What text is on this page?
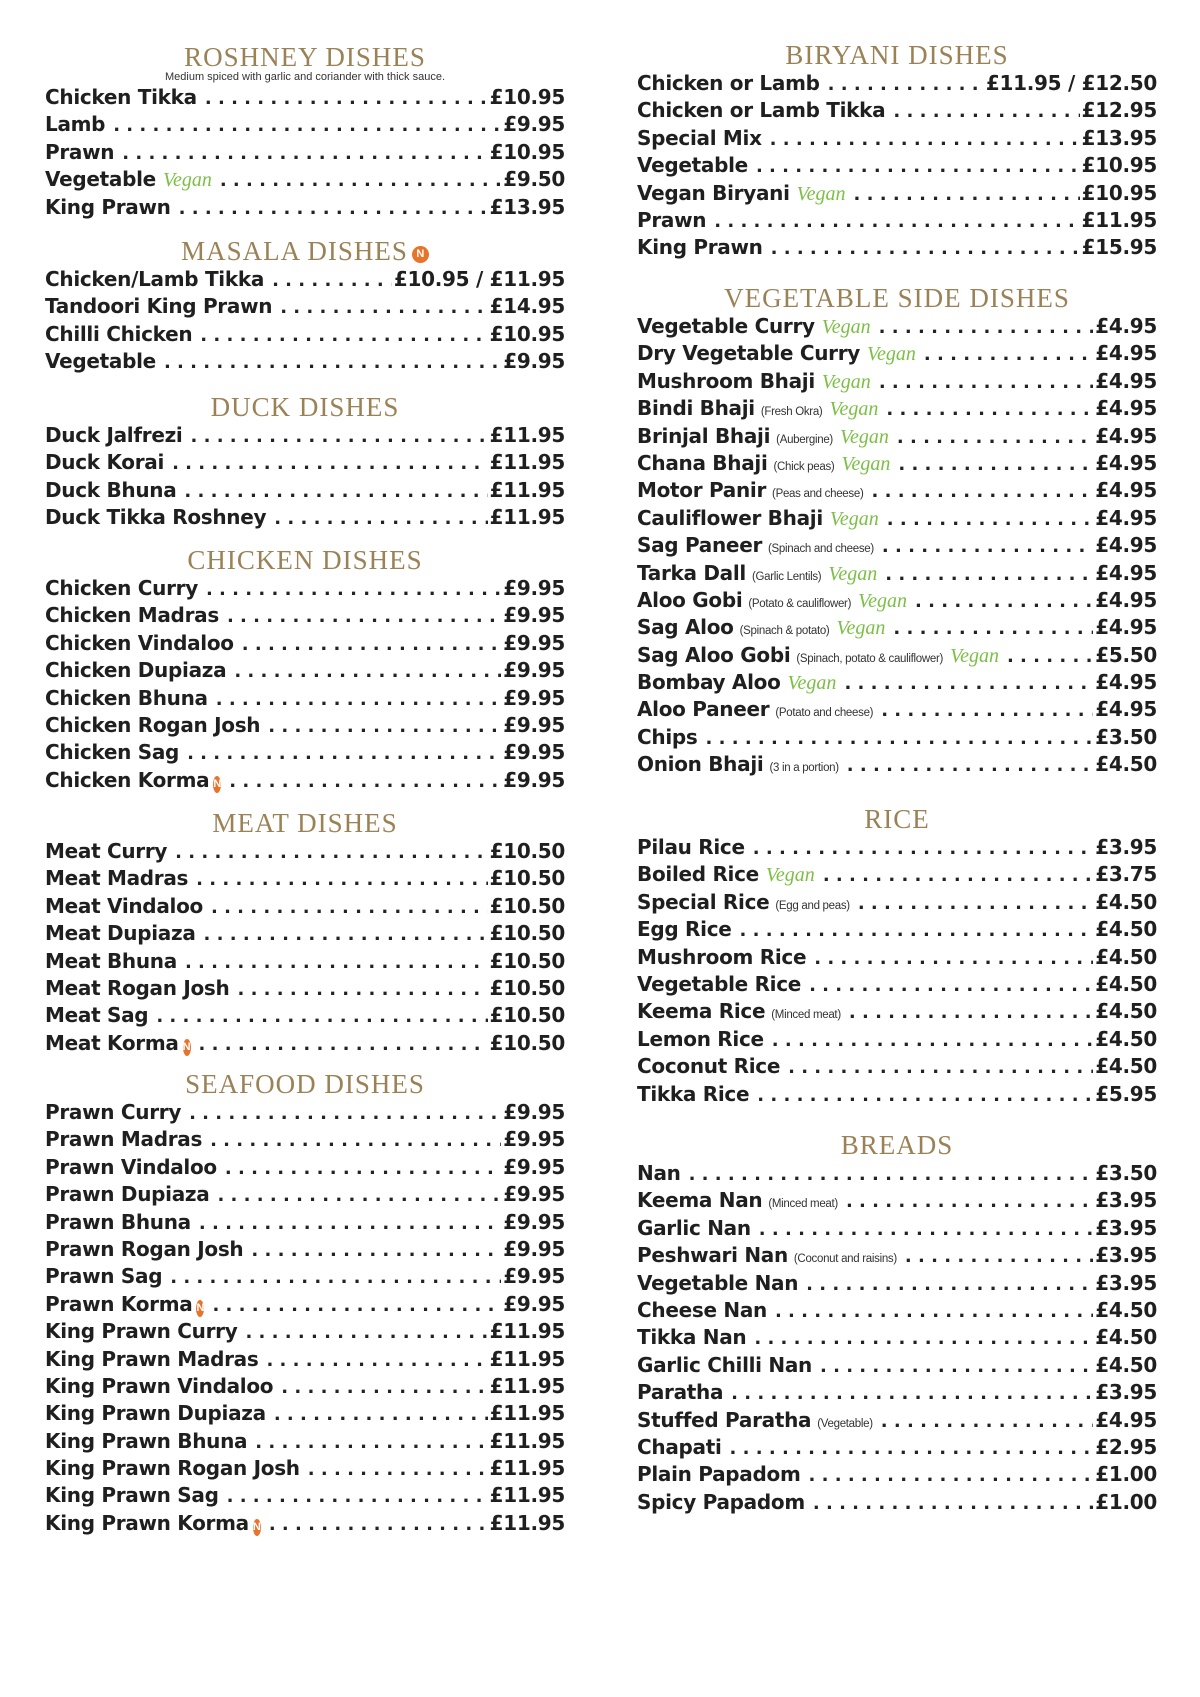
ROSHNEY DISHES
Medium spiced with garlic and coriander with thick sauce.
Chicken Tikka . . .	£10.95
Lamb . . .	£9.95
Prawn . . .	£10.95
Vegetable Vegan . . .	£9.50
King Prawn . . .	£13.95
MASALA DISHES N
Chicken/Lamb Tikka . . .	£10.95 / £11.95
Tandoori King Prawn . . .	£14.95
Chilli Chicken . . .	£10.95
Vegetable . . .	£9.95
DUCK DISHES
Duck Jalfrezi . . .	£11.95
Duck Korai . . .	£11.95
Duck Bhuna . . .	£11.95
Duck Tikka Roshney . . .	£11.95
CHICKEN DISHES
Chicken Curry . . .	£9.95
Chicken Madras . . .	£9.95
Chicken Vindaloo . . .	£9.95
Chicken Dupiaza . . .	£9.95
Chicken Bhuna . . .	£9.95
Chicken Rogan Josh . . .	£9.95
Chicken Sag . . .	£9.95
Chicken Korma N . . .	£9.95
MEAT DISHES
Meat Curry . . .	£10.50
Meat Madras . . .	£10.50
Meat Vindaloo . . .	£10.50
Meat Dupiaza . . .	£10.50
Meat Bhuna . . .	£10.50
Meat Rogan Josh . . .	£10.50
Meat Sag . . .	£10.50
Meat Korma N . . .	£10.50
SEAFOOD DISHES
Prawn Curry . . .	£9.95
Prawn Madras . . .	£9.95
Prawn Vindaloo . . .	£9.95
Prawn Dupiaza . . .	£9.95
Prawn Bhuna . . .	£9.95
Prawn Rogan Josh . . .	£9.95
Prawn Sag . . .	£9.95
Prawn Korma N . . .	£9.95
King Prawn Curry . . .	£11.95
King Prawn Madras . . .	£11.95
King Prawn Vindaloo . . .	£11.95
King Prawn Dupiaza . . .	£11.95
King Prawn Bhuna . . .	£11.95
King Prawn Rogan Josh . . .	£11.95
King Prawn Sag . . .	£11.95
King Prawn Korma N . . .	£11.95
BIRYANI DISHES
Chicken or Lamb . . .	£11.95 / £12.50
Chicken or Lamb Tikka . . .	£12.95
Special Mix . . .	£13.95
Vegetable . . .	£10.95
Vegan Biryani Vegan . . .	£10.95
Prawn . . .	£11.95
King Prawn . . .	£15.95
VEGETABLE SIDE DISHES
Vegetable Curry Vegan . . .	£4.95
Dry Vegetable Curry Vegan . . .	£4.95
Mushroom Bhaji Vegan . . .	£4.95
Bindi Bhaji (Fresh Okra) Vegan . . .	£4.95
Brinjal Bhaji (Aubergine) Vegan . . .	£4.95
Chana Bhaji (Chick peas) Vegan . . .	£4.95
Motor Panir (Peas and cheese) . . .	£4.95
Cauliflower Bhaji Vegan . . .	£4.95
Sag Paneer (Spinach and cheese) . . .	£4.95
Tarka Dall (Garlic Lentils) Vegan . . .	£4.95
Aloo Gobi (Potato & cauliflower) Vegan . . .	£4.95
Sag Aloo (Spinach & potato) Vegan . . .	£4.95
Sag Aloo Gobi (Spinach, potato & cauliflower) Vegan . . .	£5.50
Bombay Aloo Vegan . . .	£4.95
Aloo Paneer (Potato and cheese) . . .	£4.95
Chips . . .	£3.50
Onion Bhaji (3 in a portion) . . .	£4.50
RICE
Pilau Rice . . .	£3.95
Boiled Rice Vegan . . .	£3.75
Special Rice (Egg and peas) . . .	£4.50
Egg Rice . . .	£4.50
Mushroom Rice . . .	£4.50
Vegetable Rice . . .	£4.50
Keema Rice (Minced meat) . . .	£4.50
Lemon Rice . . .	£4.50
Coconut Rice . . .	£4.50
Tikka Rice . . .	£5.95
BREADS
Nan . . .	£3.50
Keema Nan (Minced meat) . . .	£3.95
Garlic Nan . . .	£3.95
Peshwari Nan (Coconut and raisins) . . .	£3.95
Vegetable Nan . . .	£3.95
Cheese Nan . . .	£4.50
Tikka Nan . . .	£4.50
Garlic Chilli Nan . . .	£4.50
Paratha . . .	£3.95
Stuffed Paratha (Vegetable) . . .	£4.95
Chapati . . .	£2.95
Plain Papadom . . .	£1.00
Spicy Papadom . . .	£1.00
